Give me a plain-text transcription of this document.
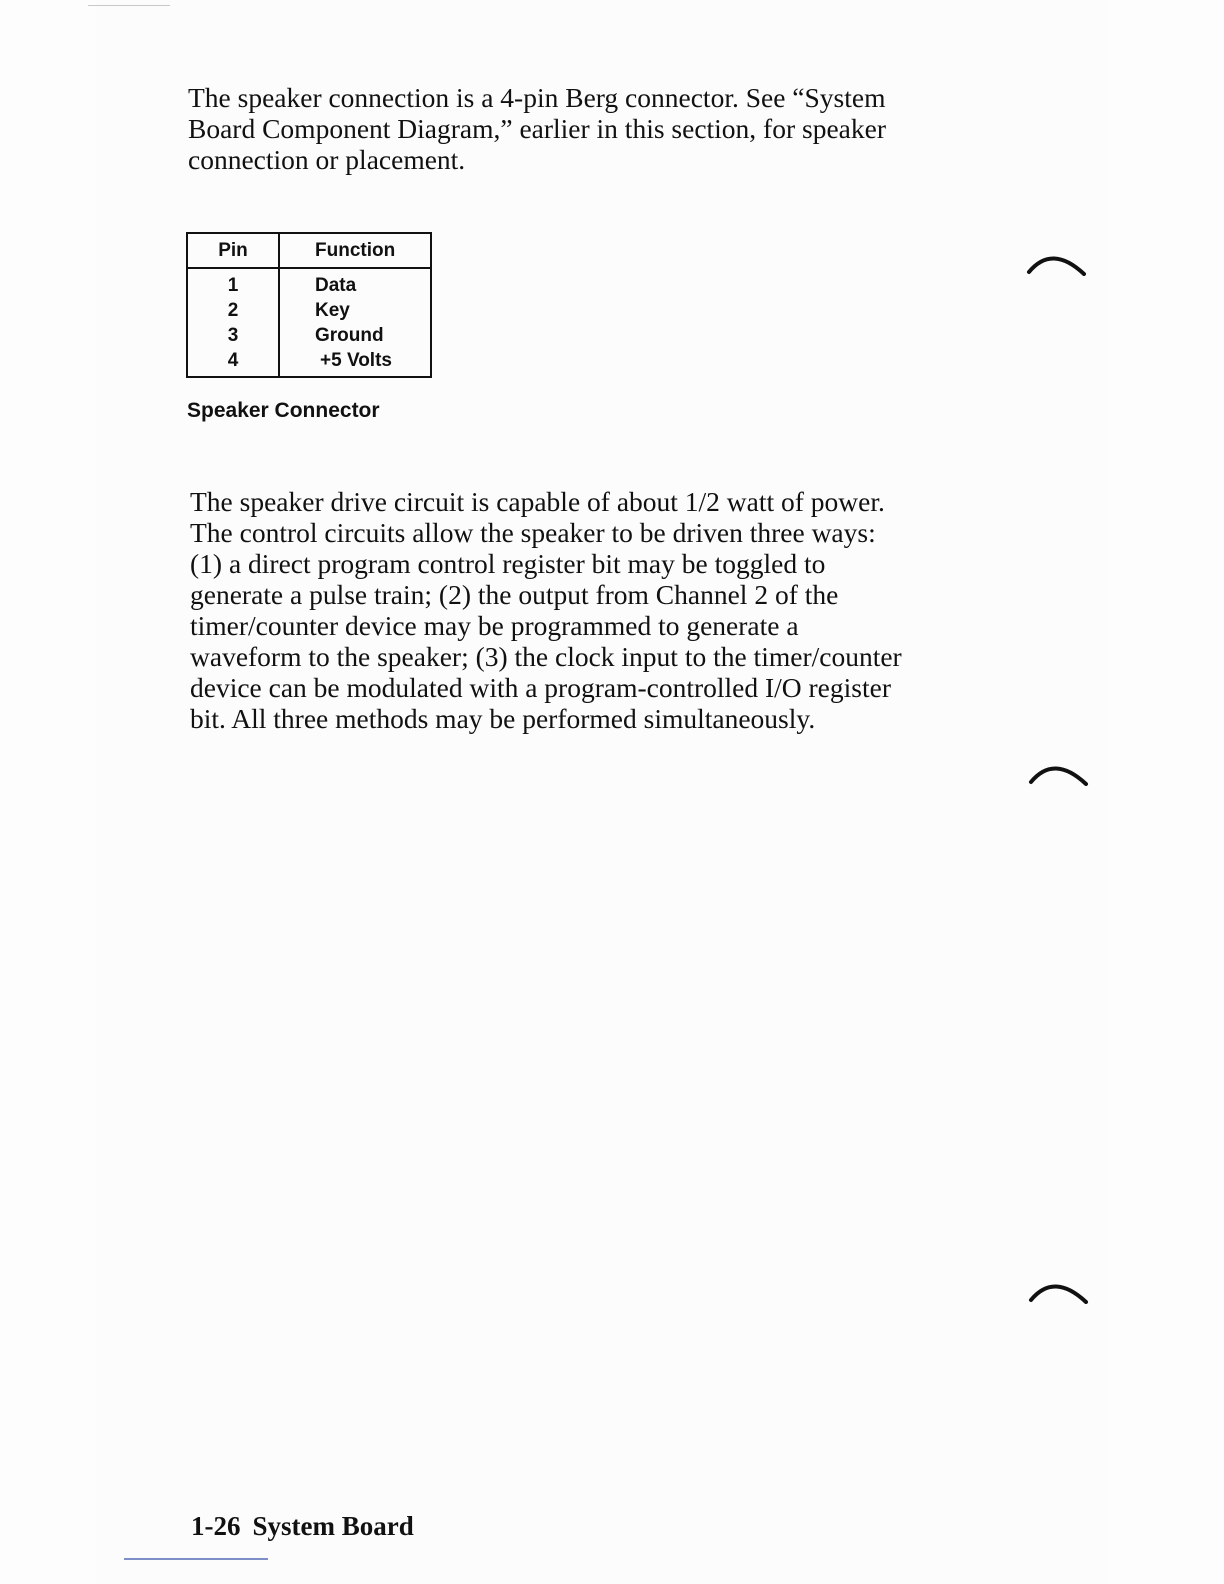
The speaker connection is a 4-pin Berg connector. See “System
Board Component Diagram,” earlier in this section, for speaker
connection or placement.

Pin	Function
1	Data
2	Key
3	Ground
4	+5 Volts

Speaker Connector

The speaker drive circuit is capable of about 1/2 watt of power.
The control circuits allow the speaker to be driven three ways:
(1) a direct program control register bit may be toggled to
generate a pulse train; (2) the output from Channel 2 of the
timer/counter device may be programmed to generate a
waveform to the speaker; (3) the clock input to the timer/counter
device can be modulated with a program-controlled I/O register
bit. All three methods may be performed simultaneously.

1-26 System Board
